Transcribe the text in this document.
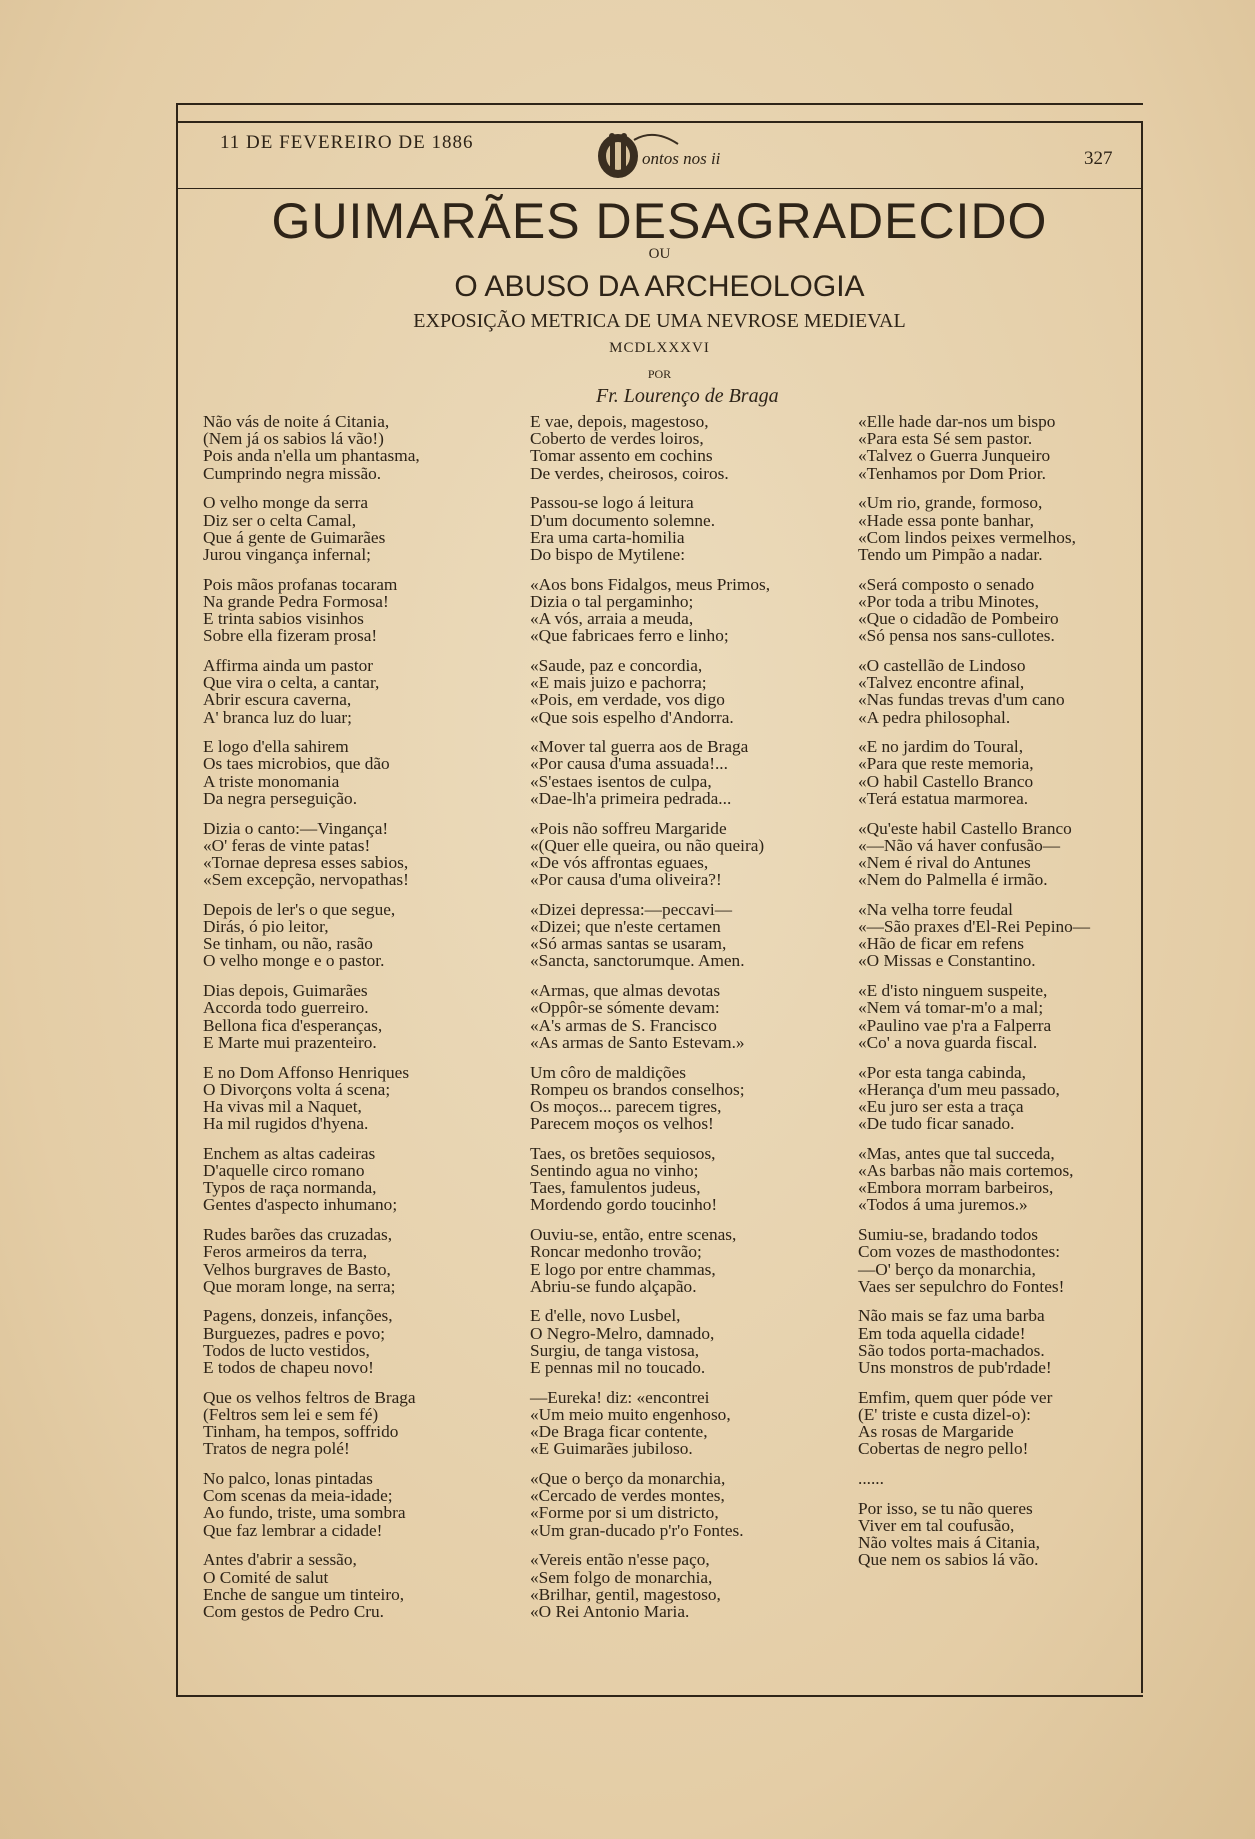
11 DE FEVEREIRO DE 1886
ontos nos ii	327
GUIMARÃES DESAGRADECIDO
OU
O ABUSO DA ARCHEOLOGIA
EXPOSIÇÃO METRICA DE UMA NEVROSE MEDIEVAL
MCDLXXXVI
POR
Fr. Lourenço de Braga
Não vás de noite á Citania,
(Nem já os sabios lá vão!)
Pois anda n'ella um phantasma,
Cumprindo negra missão.
O velho monge da serra
Diz ser o celta Camal,
Que á gente de Guimarães
Jurou vingança infernal;
Pois mãos profanas tocaram
Na grande Pedra Formosa!
E trinta sabios visinhos
Sobre ella fizeram prosa!
Affirma ainda um pastor
Que vira o celta, a cantar,
Abrir escura caverna,
A' branca luz do luar;
E logo d'ella sahirem
Os taes microbios, que dão
A triste monomania
Da negra perseguição.
Dizia o canto:—Vingança!
«O' feras de vinte patas!
«Tornae depresa esses sabios,
«Sem excepção, nervopathas!
Depois de ler's o que segue,
Dirás, ó pio leitor,
Se tinham, ou não, rasão
O velho monge e o pastor.
Dias depois, Guimarães
Accorda todo guerreiro.
Bellona fica d'esperanças,
E Marte mui prazenteiro.
E no Dom Affonso Henriques
O Divorçons volta á scena;
Ha vivas mil a Naquet,
Ha mil rugidos d'hyena.
Enchem as altas cadeiras
D'aquelle circo romano
Typos de raça normanda,
Gentes d'aspecto inhumano;
Rudes barões das cruzadas,
Feros armeiros da terra,
Velhos burgraves de Basto,
Que moram longe, na serra;
Pagens, donzeis, infanções,
Burguezes, padres e povo;
Todos de lucto vestidos,
E todos de chapeu novo!
Que os velhos feltros de Braga
(Feltros sem lei e sem fé)
Tinham, ha tempos, soffrido
Tratos de negra polé!
No palco, lonas pintadas
Com scenas da meia-idade;
Ao fundo, triste, uma sombra
Que faz lembrar a cidade!
Antes d'abrir a sessão,
O Comité de salut
Enche de sangue um tinteiro,
Com gestos de Pedro Cru.
E vae, depois, magestoso,
Coberto de verdes loiros,
Tomar assento em cochins
De verdes, cheirosos, coiros.
Passou-se logo á leitura
D'um documento solemne.
Era uma carta-homilia
Do bispo de Mytilene:
«Aos bons Fidalgos, meus Primos,
Dizia o tal pergaminho;
«A vós, arraia a meuda,
«Que fabricaes ferro e linho;
«Saude, paz e concordia,
«E mais juizo e pachorra;
«Pois, em verdade, vos digo
«Que sois espelho d'Andorra.
«Mover tal guerra aos de Braga
«Por causa d'uma assuada!...
«S'estaes isentos de culpa,
«Dae-lh'a primeira pedrada...
«Pois não soffreu Margaride
«(Quer elle queira, ou não queira)
«De vós affrontas eguaes,
«Por causa d'uma oliveira?!
«Dizei depressa:—peccavi—
«Dizei; que n'este certamen
«Só armas santas se usaram,
«Sancta, sanctorumque. Amen.
«Armas, que almas devotas
«Oppôr-se sómente devam:
«A's armas de S. Francisco
«As armas de Santo Estevam.»
Um côro de maldições
Rompeu os brandos conselhos;
Os moços... parecem tigres,
Parecem moços os velhos!
Taes, os bretões sequiosos,
Sentindo agua no vinho;
Taes, famulentos judeus,
Mordendo gordo toucinho!
Ouviu-se, então, entre scenas,
Roncar medonho trovão;
E logo por entre chammas,
Abriu-se fundo alçapão.
E d'elle, novo Lusbel,
O Negro-Melro, damnado,
Surgiu, de tanga vistosa,
E pennas mil no toucado.
—Eureka! diz: «encontrei
«Um meio muito engenhoso,
«De Braga ficar contente,
«E Guimarães jubiloso.
«Que o berço da monarchia,
«Cercado de verdes montes,
«Forme por si um districto,
«Um gran-ducado p'r'o Fontes.
«Vereis então n'esse paço,
«Sem folgo de monarchia,
«Brilhar, gentil, magestoso,
«O Rei Antonio Maria.
«Elle hade dar-nos um bispo
«Para esta Sé sem pastor.
«Talvez o Guerra Junqueiro
«Tenhamos por Dom Prior.
«Um rio, grande, formoso,
«Hade essa ponte banhar,
«Com lindos peixes vermelhos,
Tendo um Pimpão a nadar.
«Será composto o senado
«Por toda a tribu Minotes,
«Que o cidadão de Pombeiro
«Só pensa nos sans-cullotes.
«O castellão de Lindoso
«Talvez encontre afinal,
«Nas fundas trevas d'um cano
«A pedra philosophal.
«E no jardim do Toural,
«Para que reste memoria,
«O habil Castello Branco
«Terá estatua marmorea.
«Qu'este habil Castello Branco
«—Não vá haver confusão—
«Nem é rival do Antunes
«Nem do Palmella é irmão.
«Na velha torre feudal
«—São praxes d'El-Rei Pepino—
«Hão de ficar em refens
«O Missas e Constantino.
«E d'isto ninguem suspeite,
«Nem vá tomar-m'o a mal;
«Paulino vae p'ra a Falperra
«Co' a nova guarda fiscal.
«Por esta tanga cabinda,
«Herança d'um meu passado,
«Eu juro ser esta a traça
«De tudo ficar sanado.
«Mas, antes que tal succeda,
«As barbas não mais cortemos,
«Embora morram barbeiros,
«Todos á uma juremos.»
Sumiu-se, bradando todos
Com vozes de masthodontes:
—O' berço da monarchia,
Vaes ser sepulchro do Fontes!
Não mais se faz uma barba
Em toda aquella cidade!
São todos porta-machados.
Uns monstros de pub'rdade!
Emfim, quem quer póde ver
(E' triste e custa dizel-o):
As rosas de Margaride
Cobertas de negro pello!
......
Por isso, se tu não queres
Viver em tal coufusão,
Não voltes mais á Citania,
Que nem os sabios lá vão.
